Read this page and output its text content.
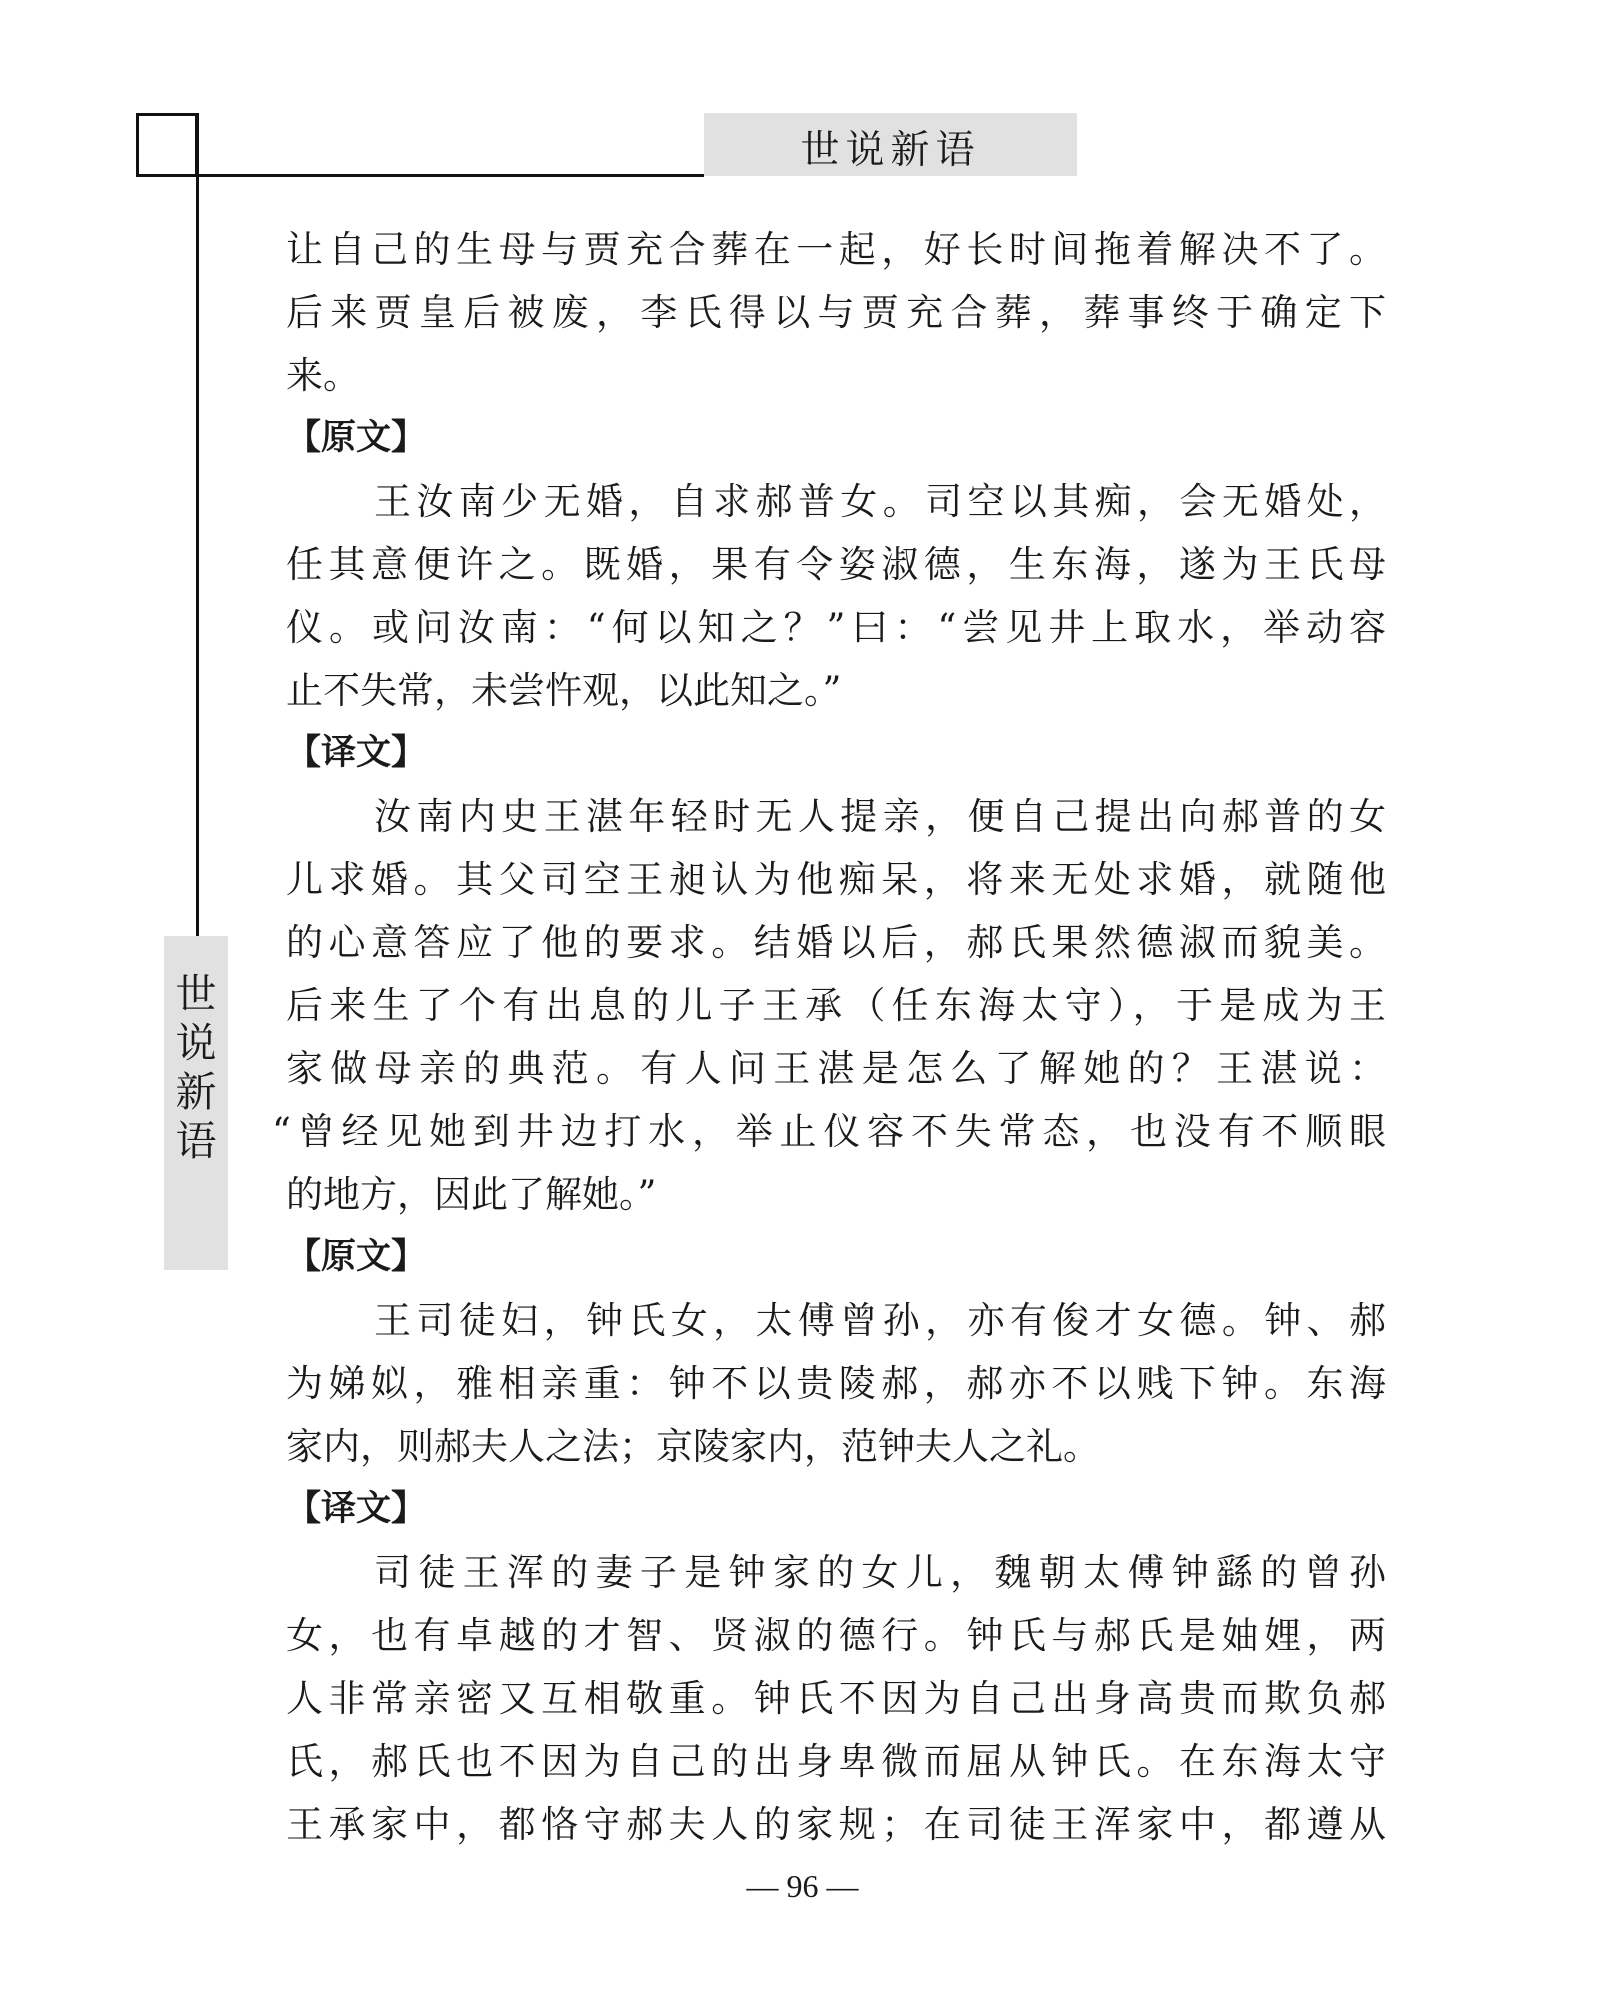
世说新语
世
说
新
语
让自己的生母与贾充合葬在一起，好长时间拖着解决不了。
后来贾皇后被废，李氏得以与贾充合葬，葬事终于确定下
来。
【原文】
王汝南少无婚，自求郝普女。司空以其痴，会无婚处，
任其意便许之。既婚，果有令姿淑德，生东海，遂为王氏母
仪。或问汝南：“何以知之？”曰：“尝见井上取水，举动容
止不失常，未尝忤观，以此知之。”
【译文】
汝南内史王湛年轻时无人提亲，便自己提出向郝普的女
儿求婚。其父司空王昶认为他痴呆，将来无处求婚，就随他
的心意答应了他的要求。结婚以后，郝氏果然德淑而貌美。
后来生了个有出息的儿子王承（任东海太守），于是成为王
家做母亲的典范。有人问王湛是怎么了解她的？王湛说：
“曾经见她到井边打水，举止仪容不失常态，也没有不顺眼
的地方，因此了解她。”
【原文】
王司徒妇，钟氏女，太傅曾孙，亦有俊才女德。钟、郝
为娣姒，雅相亲重：钟不以贵陵郝，郝亦不以贱下钟。东海
家内，则郝夫人之法；京陵家内，范钟夫人之礼。
【译文】
司徒王浑的妻子是钟家的女儿，魏朝太傅钟繇的曾孙
女，也有卓越的才智、贤淑的德行。钟氏与郝氏是妯娌，两
人非常亲密又互相敬重。钟氏不因为自己出身高贵而欺负郝
氏，郝氏也不因为自己的出身卑微而屈从钟氏。在东海太守
王承家中，都恪守郝夫人的家规；在司徒王浑家中，都遵从
— 96 —
